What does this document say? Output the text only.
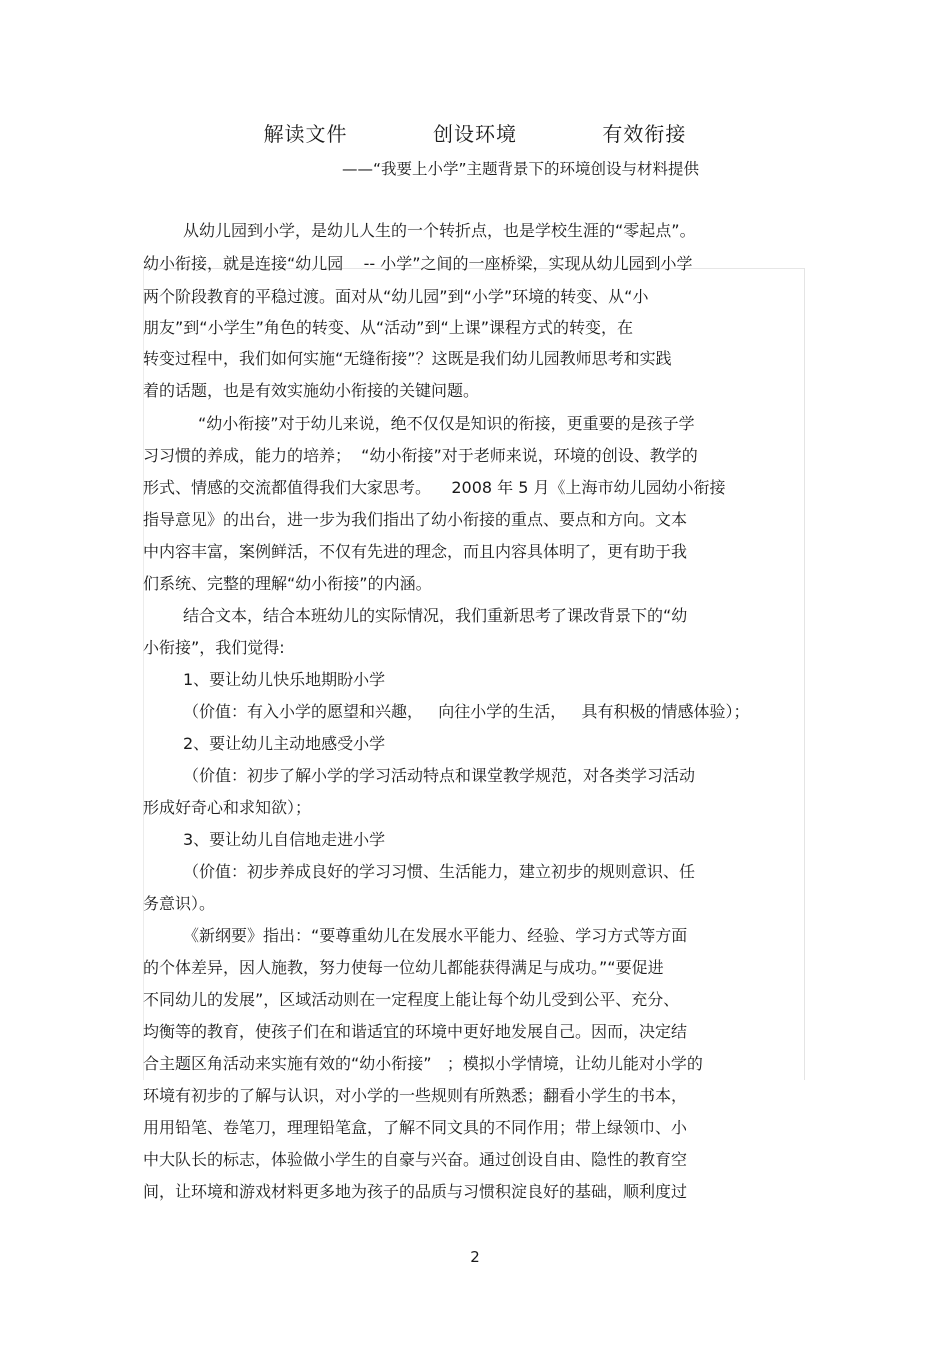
解读文件    创设环境    有效衔接
——“我要上小学”主题背景下的环境创设与材料提供
从幼儿园到小学，是幼儿人生的一个转折点，也是学校生涯的“零起点”。
幼小衔接，就是连接“幼儿园    -- 小学”之间的一座桥梁，实现从幼儿园到小学
两个阶段教育的平稳过渡。面对从“幼儿园”到“小学”环境的转变、从“小
朋友”到“小学生”角色的转变、从“活动”到“上课”课程方式的转变，在
转变过程中，我们如何实施“无缝衔接”？这既是我们幼儿园教师思考和实践
着的话题，也是有效实施幼小衔接的关键问题。
“幼小衔接”对于幼儿来说，绝不仅仅是知识的衔接，更重要的是孩子学
习习惯的养成，能力的培养；  “幼小衔接”对于老师来说，环境的创设、教学的
形式、情感的交流都值得我们大家思考。    2008 年 5 月《上海市幼儿园幼小衔接
指导意见》的出台，进一步为我们指出了幼小衔接的重点、要点和方向。文本
中内容丰富，案例鲜活，不仅有先进的理念，而且内容具体明了，更有助于我
们系统、完整的理解“幼小衔接”的内涵。
结合文本，结合本班幼儿的实际情况，我们重新思考了课改背景下的“幼
小衔接”，我们觉得:
1、要让幼儿快乐地期盼小学
（价值：有入小学的愿望和兴趣，   向往小学的生活，   具有积极的情感体验）；
2、要让幼儿主动地感受小学
（价值：初步了解小学的学习活动特点和课堂教学规范，对各类学习活动
形成好奇心和求知欲）；
3、要让幼儿自信地走进小学
（价值：初步养成良好的学习习惯、生活能力，建立初步的规则意识、任
务意识）。
《新纲要》指出：“要尊重幼儿在发展水平能力、经验、学习方式等方面
的个体差异，因人施教，努力使每一位幼儿都能获得满足与成功。”“要促进
不同幼儿的发展”，区域活动则在一定程度上能让每个幼儿受到公平、充分、
均衡等的教育，使孩子们在和谐适宜的环境中更好地发展自己。因而，决定结
合主题区角活动来实施有效的“幼小衔接”   ；模拟小学情境，让幼儿能对小学的
环境有初步的了解与认识，对小学的一些规则有所熟悉；翻看小学生的书本，
用用铅笔、卷笔刀，理理铅笔盒，了解不同文具的不同作用；带上绿领巾、小
中大队长的标志，体验做小学生的自豪与兴奋。通过创设自由、隐性的教育空
间，让环境和游戏材料更多地为孩子的品质与习惯积淀良好的基础，顺利度过
2
